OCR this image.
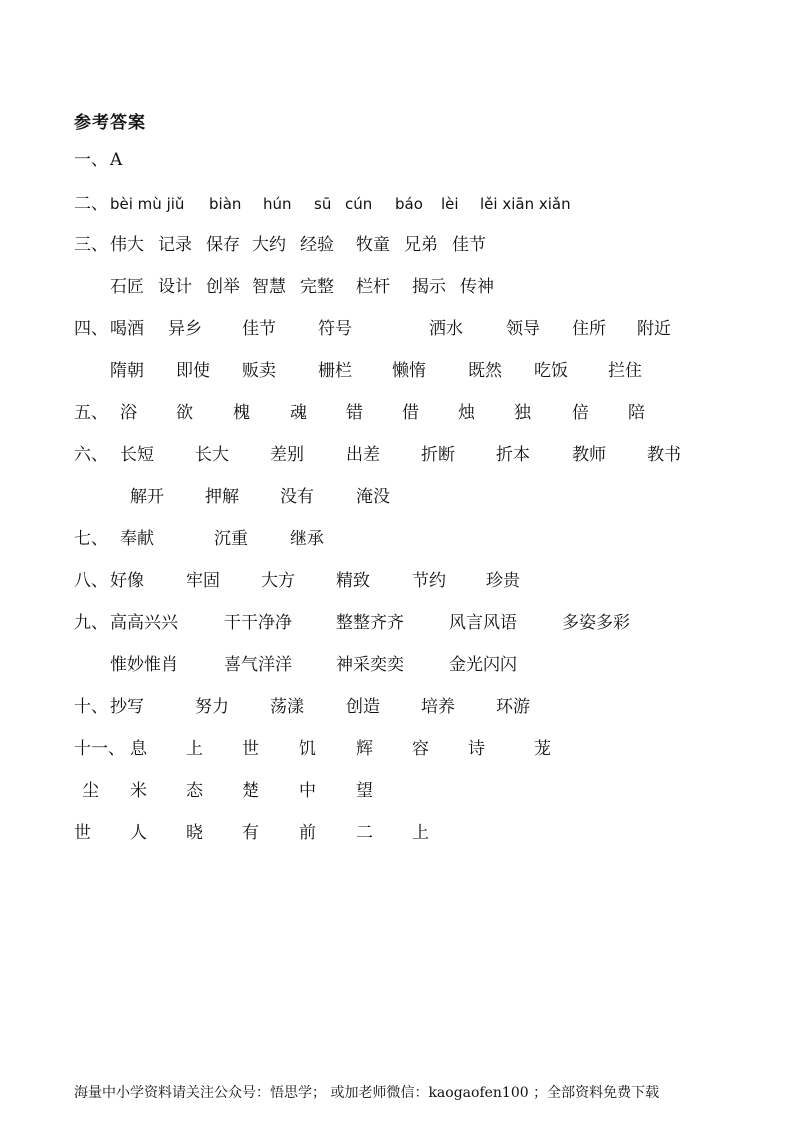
参考答案
一、 A
二、 bèi mù jiǔ biàn hún sū cún báo lèi lěi xiān xiǎn
三、 伟大 记录 保存 大约 经验 牧童 兄弟 佳节
石匠 设计 创举 智慧 完整 栏杆 揭示 传神
四、 喝酒 异乡 佳节 符号	洒水	领导 住所 附近
隋朝 即使 贩卖 栅栏 懒惰 既然 吃饭 拦住
五、 浴 欲 槐 魂 错 借 烛 独 倍 陪
六、 长短 长大 差别 出差 折断 折本 教师 教书
解开 押解 没有 淹没
七、 奉献	沉重 继承
八、 好像 牢固 大方 精致 节约 珍贵
九、 高高兴兴	干干净净	整整齐齐	风言风语	多姿多彩
惟妙惟肖	喜气洋洋	神采奕奕	金光闪闪
十、 抄写	努力 荡漾 创造 培养 环游
十一、 息 上 世 饥 辉 容 诗	茏
尘 米 态 楚 中 望
世 人 晓 有 前 二 上
海量中小学资料请关注公众号：悟思学； 或加老师微信：kaogaofen100 ；全部资料免费下载
